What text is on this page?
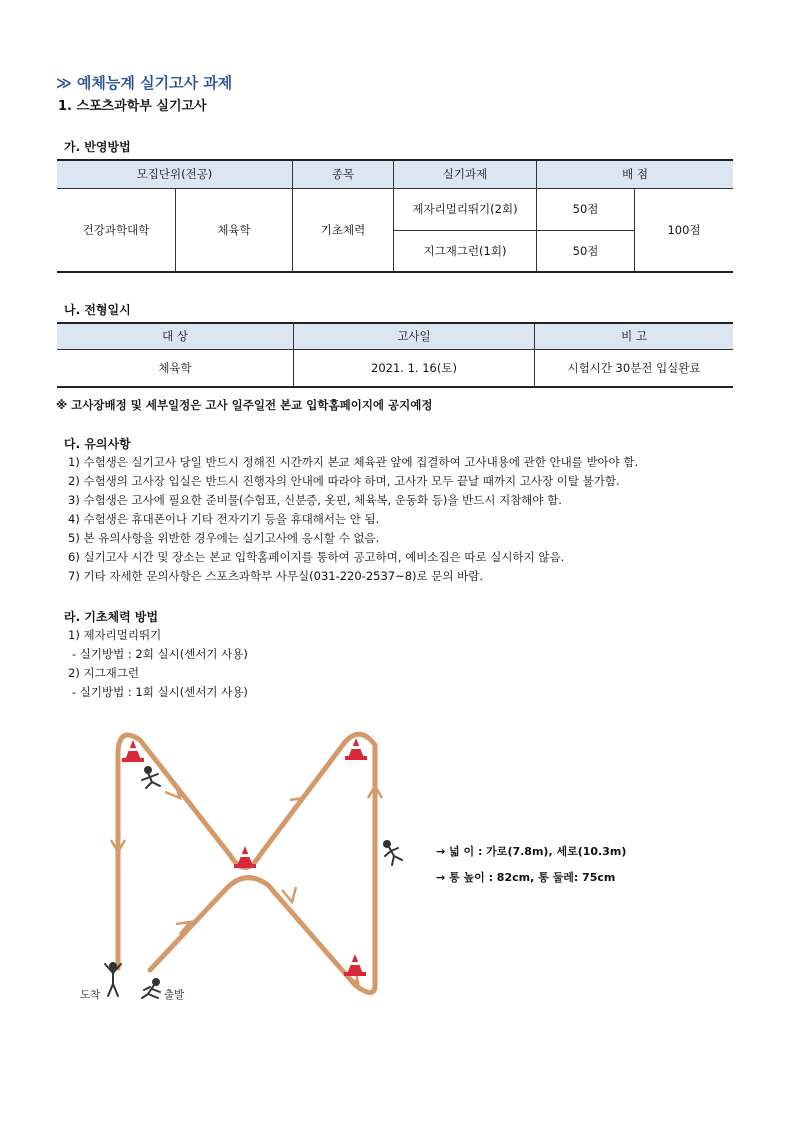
≫ 예체능계 실기고사 과제
1. 스포츠과학부 실기고사
가. 반영방법
모집단위(전공)		종목	실기과제	배 점	
건강과학대학	체육학	기초체력	제자리멀리뛰기(2회)	50점	100점
			지그재그런(1회)	50점	
나. 전형일시
대 상	고사일	비 고
체육학	2021. 1. 16(토)	시험시간 30분전 입실완료
※ 고사장배정 및 세부일정은 고사 일주일전 본교 입학홈페이지에 공지예정
다. 유의사항
1) 수험생은 실기고사 당일 반드시 정해진 시간까지 본교 체육관 앞에 집결하여 고사내용에 관한 안내를 받아야 함.
2) 수험생의 고사장 입실은 반드시 진행자의 안내에 따라야 하며, 고사가 모두 끝날 때까지 고사장 이탈 불가함.
3) 수험생은 고사에 필요한 준비물(수험표, 신분증, 옷핀, 체육복, 운동화 등)을 반드시 지참해야 함.
4) 수험생은 휴대폰이나 기타 전자기기 등을 휴대해서는 안 됨.
5) 본 유의사항을 위반한 경우에는 실기고사에 응시할 수 없음.
6) 실기고사 시간 및 장소는 본교 입학홈페이지를 통하여 공고하며, 예비소집은 따로 실시하지 않음.
7) 기타 자세한 문의사항은 스포츠과학부 사무실(031-220-2537~8)로 문의 바람.
라. 기초체력 방법
1) 제자리멀리뛰기
- 실기방법 : 2회 실시(센서기 사용)
2) 지그재그런
- 실기방법 : 1회 실시(센서기 사용)
도착	출발
→ 넓 이 : 가로(7.8m), 세로(10.3m)
→ 통 높이 : 82cm, 통 둘레: 75cm
